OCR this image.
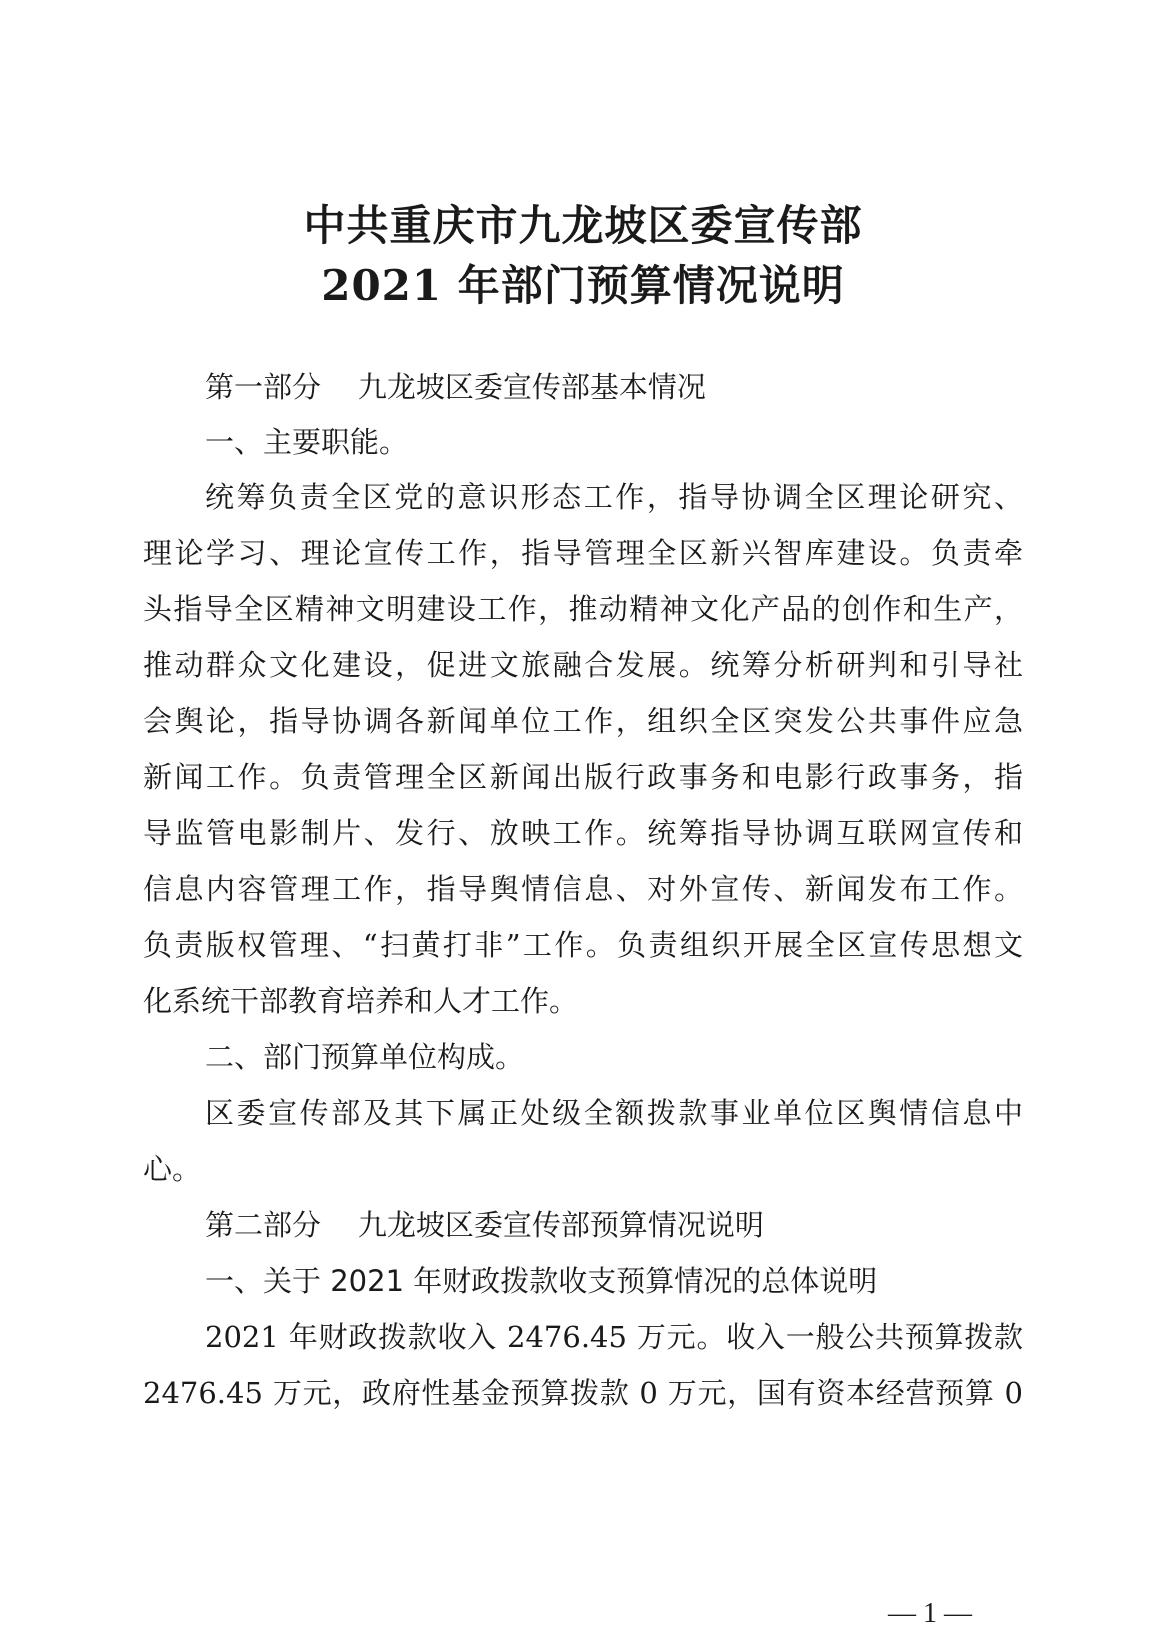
中共重庆市九龙坡区委宣传部
2021 年部门预算情况说明
第一部分    九龙坡区委宣传部基本情况
一、主要职能。
统筹负责全区党的意识形态工作，指导协调全区理论研究、
理论学习、理论宣传工作，指导管理全区新兴智库建设。负责牵
头指导全区精神文明建设工作，推动精神文化产品的创作和生产，
推动群众文化建设，促进文旅融合发展。统筹分析研判和引导社
会舆论，指导协调各新闻单位工作，组织全区突发公共事件应急
新闻工作。负责管理全区新闻出版行政事务和电影行政事务，指
导监管电影制片、发行、放映工作。统筹指导协调互联网宣传和
信息内容管理工作，指导舆情信息、对外宣传、新闻发布工作。
负责版权管理、“扫黄打非”工作。负责组织开展全区宣传思想文
化系统干部教育培养和人才工作。
二、部门预算单位构成。
区委宣传部及其下属正处级全额拨款事业单位区舆情信息中
心。
第二部分    九龙坡区委宣传部预算情况说明
一、关于 2021 年财政拨款收支预算情况的总体说明
2021 年财政拨款收入 2476.45 万元。收入一般公共预算拨款
2476.45 万元，政府性基金预算拨款 0 万元，国有资本经营预算 0
— 1 —
